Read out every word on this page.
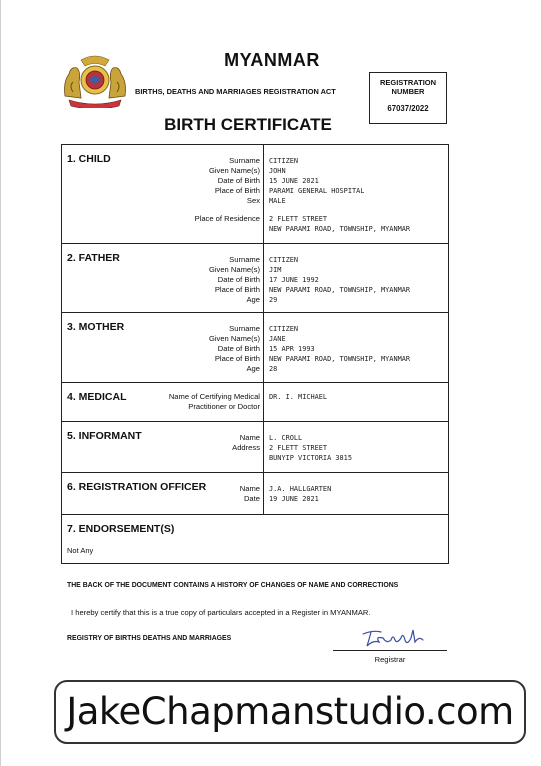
MYANMAR
BIRTHS, DEATHS AND MARRIAGES REGISTRATION ACT
REGISTRATION NUMBER
67037/2022
BIRTH CERTIFICATE
1. CHILD	Surname CITIZEN
Given Name(s) JOHN
Date of Birth 15 JUNE 2021
Place of Birth PARAMI GENERAL HOSPITAL
Sex MALE
Place of Residence 2 FLETT STREET
NEW PARAMI ROAD, TOWNSHIP, MYANMAR
2. FATHER	Surname CITIZEN
Given Name(s) JIM
Date of Birth 17 JUNE 1992
Place of Birth NEW PARAMI ROAD, TOWNSHIP, MYANMAR
Age 29
3. MOTHER	Surname CITIZEN
Given Name(s) JANE
Date of Birth 15 APR 1993
Place of Birth NEW PARAMI ROAD, TOWNSHIP, MYANMAR
Age 28
4. MEDICAL	Name of Certifying Medical Practitioner or Doctor
DR. I. MICHAEL
5. INFORMANT	Name L. CROLL
Address 2 FLETT STREET
BUNYIP VICTORIA 3815
6. REGISTRATION OFFICER	Name J.A. HALLGARTEN
Date 19 JUNE 2021
7. ENDORSEMENT(S)
Not Any
THE BACK OF THE DOCUMENT CONTAINS A HISTORY OF CHANGES OF NAME AND CORRECTIONS
I hereby certify that this is a true copy of particulars accepted in a Register in MYANMAR.
REGISTRY OF BIRTHS DEATHS AND MARRIAGES
Registrar
JakeChapmanstudio.com
